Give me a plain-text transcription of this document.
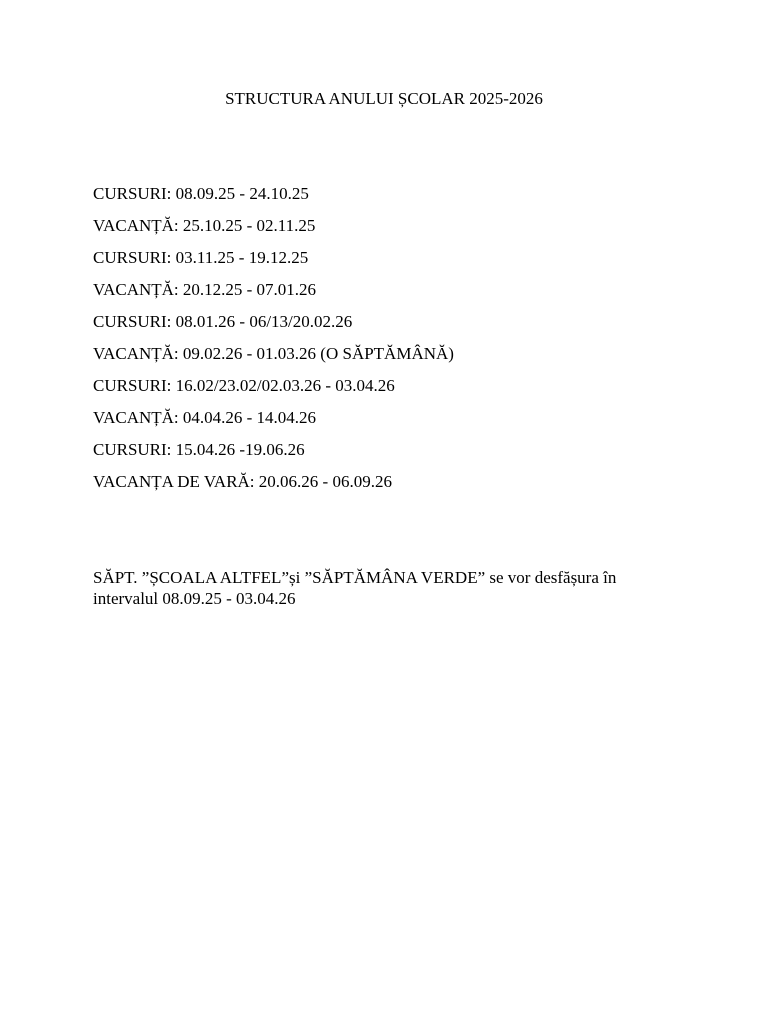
STRUCTURA ANULUI ȘCOLAR 2025-2026
CURSURI: 08.09.25 - 24.10.25
VACANȚĂ: 25.10.25 - 02.11.25
CURSURI: 03.11.25 - 19.12.25
VACANȚĂ: 20.12.25 - 07.01.26
CURSURI: 08.01.26 - 06/13/20.02.26
VACANȚĂ: 09.02.26 - 01.03.26 (O SĂPTĂMÂNĂ)
CURSURI: 16.02/23.02/02.03.26 - 03.04.26
VACANȚĂ: 04.04.26 - 14.04.26
CURSURI: 15.04.26 -19.06.26
VACANȚA DE VARĂ: 20.06.26 - 06.09.26
SĂPT. ”ȘCOALA ALTFEL”și ”SĂPTĂMÂNA VERDE” se vor desfășura în
intervalul 08.09.25 - 03.04.26
